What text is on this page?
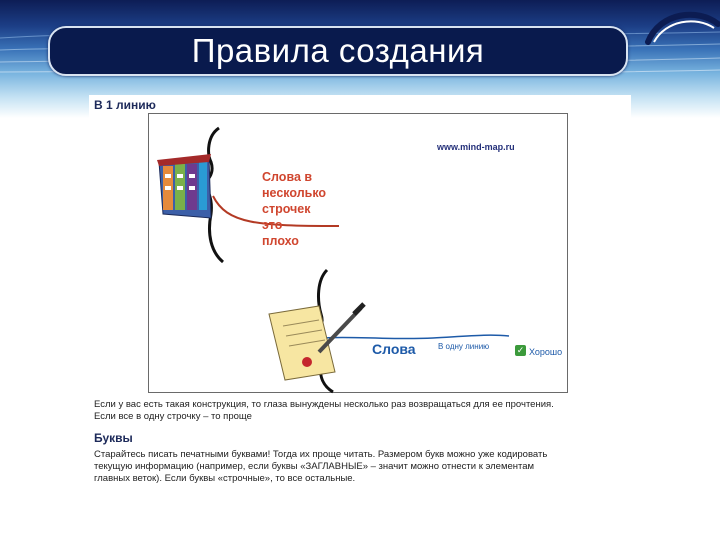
Правила создания
В 1 линию
www.mind-map.ru
Слова в
несколько
строчек
это
плохо
Слова	В одну линию	✓ Хорошо
Если у вас есть такая конструкция, то глаза вынуждены несколько раз возвращаться для ее прочтения.
Если все в одну строчку – то проще
Буквы
Старайтесь писать печатными буквами! Тогда их проще читать. Размером букв можно уже кодировать
текущую информацию (например, если буквы «ЗАГЛАВНЫЕ» – значит можно отнести к элементам
главных веток). Если буквы «строчные», то все остальные.
